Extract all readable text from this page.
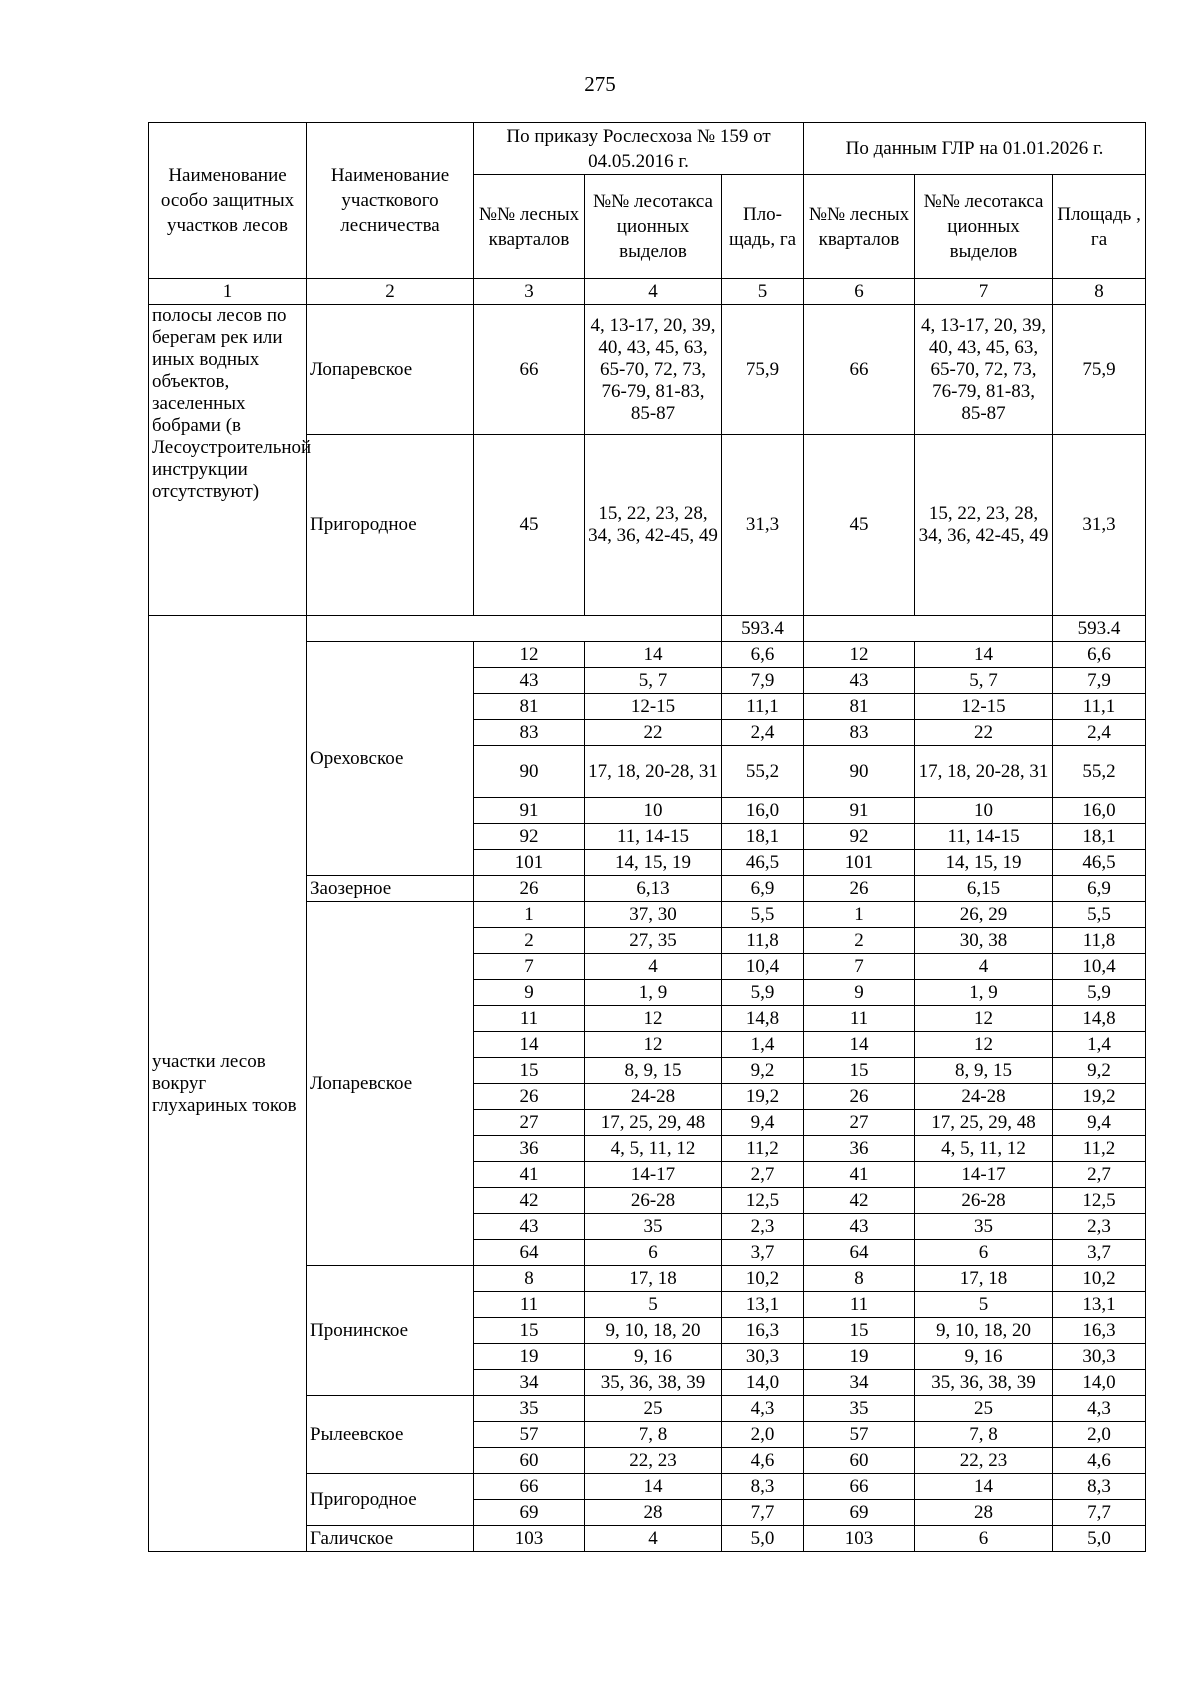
275
Наименование особо защитных участков лесов	Наименование участкового лесничества	По приказу Рослесхоза № 159 от 04.05.2016 г.			По данным ГЛР на 01.01.2026 г.		
		№№ лесных кварталов	№№ лесотакса ционных выделов	Пло-щадь, га	№№ лесных кварталов	№№ лесотакса ционных выделов	Площадь , га
1	2	3	4	5	6	7	8
полосы лесов по берегам рек или иных водных объектов, заселенных бобрами (в Лесоустроительной инструкции отсутствуют)	Лопаревское	66	4, 13-17, 20, 39, 40, 43, 45, 63, 65-70, 72, 73, 76-79, 81-83, 85-87	75,9	66	4, 13-17, 20, 39, 40, 43, 45, 63, 65-70, 72, 73, 76-79, 81-83, 85-87	75,9
	Пригородное	45	15, 22, 23, 28, 34, 36, 42-45, 49	31,3	45	15, 22, 23, 28, 34, 36, 42-45, 49	31,3
участки лесов вокруг глухариных токов				593.4			593.4
	Ореховское	12	14	6,6	12	14	6,6
		43	5, 7	7,9	43	5, 7	7,9
		81	12-15	11,1	81	12-15	11,1
		83	22	2,4	83	22	2,4
		90	17, 18, 20-28, 31	55,2	90	17, 18, 20-28, 31	55,2
		91	10	16,0	91	10	16,0
		92	11, 14-15	18,1	92	11, 14-15	18,1
		101	14, 15, 19	46,5	101	14, 15, 19	46,5
	Заозерное	26	6,13	6,9	26	6,15	6,9
	Лопаревское	1	37, 30	5,5	1	26, 29	5,5
		2	27, 35	11,8	2	30, 38	11,8
		7	4	10,4	7	4	10,4
		9	1, 9	5,9	9	1, 9	5,9
		11	12	14,8	11	12	14,8
		14	12	1,4	14	12	1,4
		15	8, 9, 15	9,2	15	8, 9, 15	9,2
		26	24-28	19,2	26	24-28	19,2
		27	17, 25, 29, 48	9,4	27	17, 25, 29, 48	9,4
		36	4, 5, 11, 12	11,2	36	4, 5, 11, 12	11,2
		41	14-17	2,7	41	14-17	2,7
		42	26-28	12,5	42	26-28	12,5
		43	35	2,3	43	35	2,3
		64	6	3,7	64	6	3,7
	Пронинское	8	17, 18	10,2	8	17, 18	10,2
		11	5	13,1	11	5	13,1
		15	9, 10, 18, 20	16,3	15	9, 10, 18, 20	16,3
		19	9, 16	30,3	19	9, 16	30,3
		34	35, 36, 38, 39	14,0	34	35, 36, 38, 39	14,0
	Рылеевское	35	25	4,3	35	25	4,3
		57	7, 8	2,0	57	7, 8	2,0
		60	22, 23	4,6	60	22, 23	4,6
	Пригородное	66	14	8,3	66	14	8,3
		69	28	7,7	69	28	7,7
	Галичское	103	4	5,0	103	6	5,0
